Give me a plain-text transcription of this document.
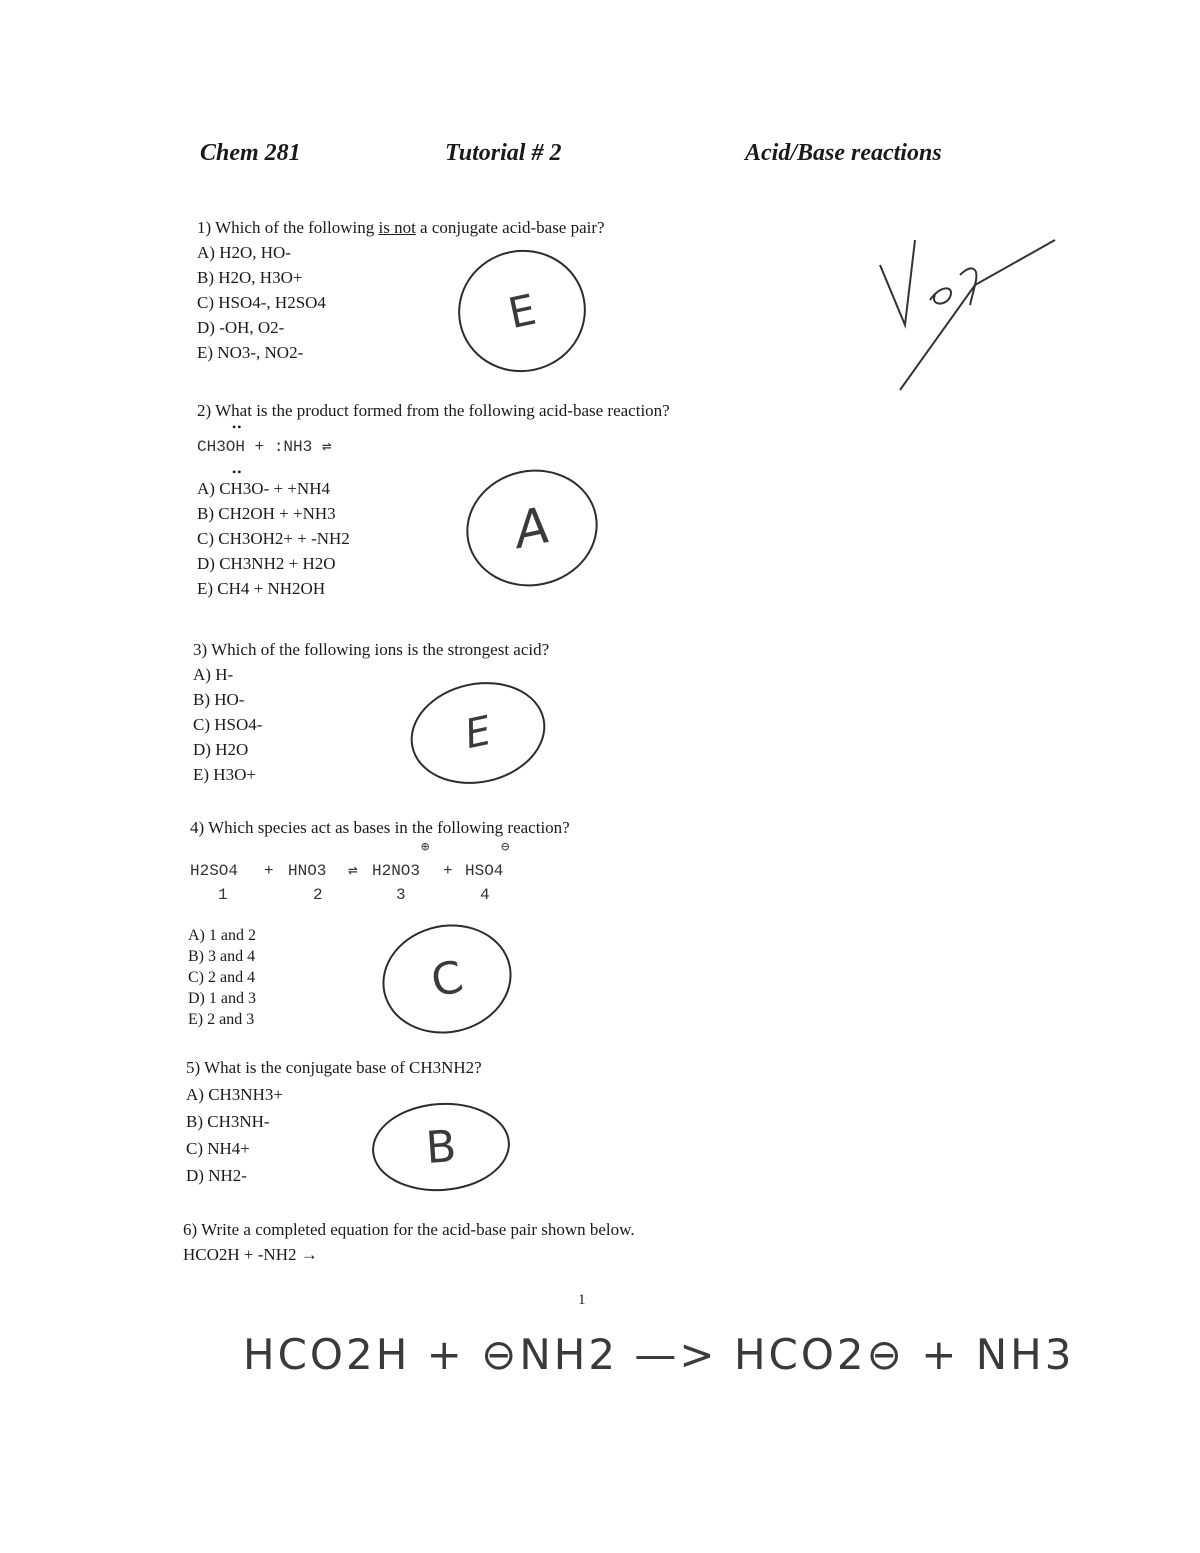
Chem 281	Tutorial # 2	Acid/Base reactions
1) Which of the following is not a conjugate acid-base pair?
A) H2O, HO-
B) H2O, H3O+
C) HSO4-, H2SO4
D) -OH, O2-
E) NO3-, NO2-
E
2) What is the product formed from the following acid-base reaction?
CH3OH + :NH3 ⇌
A) CH3O- + +NH4
B) CH2OH + +NH3
C) CH3OH2+ + -NH2
D) CH3NH2 + H2O
E) CH4 + NH2OH
••
••
A
3) Which of the following ions is the strongest acid?
A) H-
B) HO-
C) HSO4-
D) H2O
E) H3O+
E
4) Which species act as bases in the following reaction?
⊕	⊖
H2SO4 + HNO3 ⇌ H2NO3 + HSO4
1	2	3	4
A) 1 and 2
B) 3 and 4
C) 2 and 4
D) 1 and 3
E) 2 and 3
C
5) What is the conjugate base of CH3NH2?
A) CH3NH3+
B) CH3NH-
C) NH4+
D) NH2-
B
6) Write a completed equation for the acid-base pair shown below.
HCO2H + -NH2 →
1
HCO2H + ⊖NH2 —> HCO2⊖ + NH3
